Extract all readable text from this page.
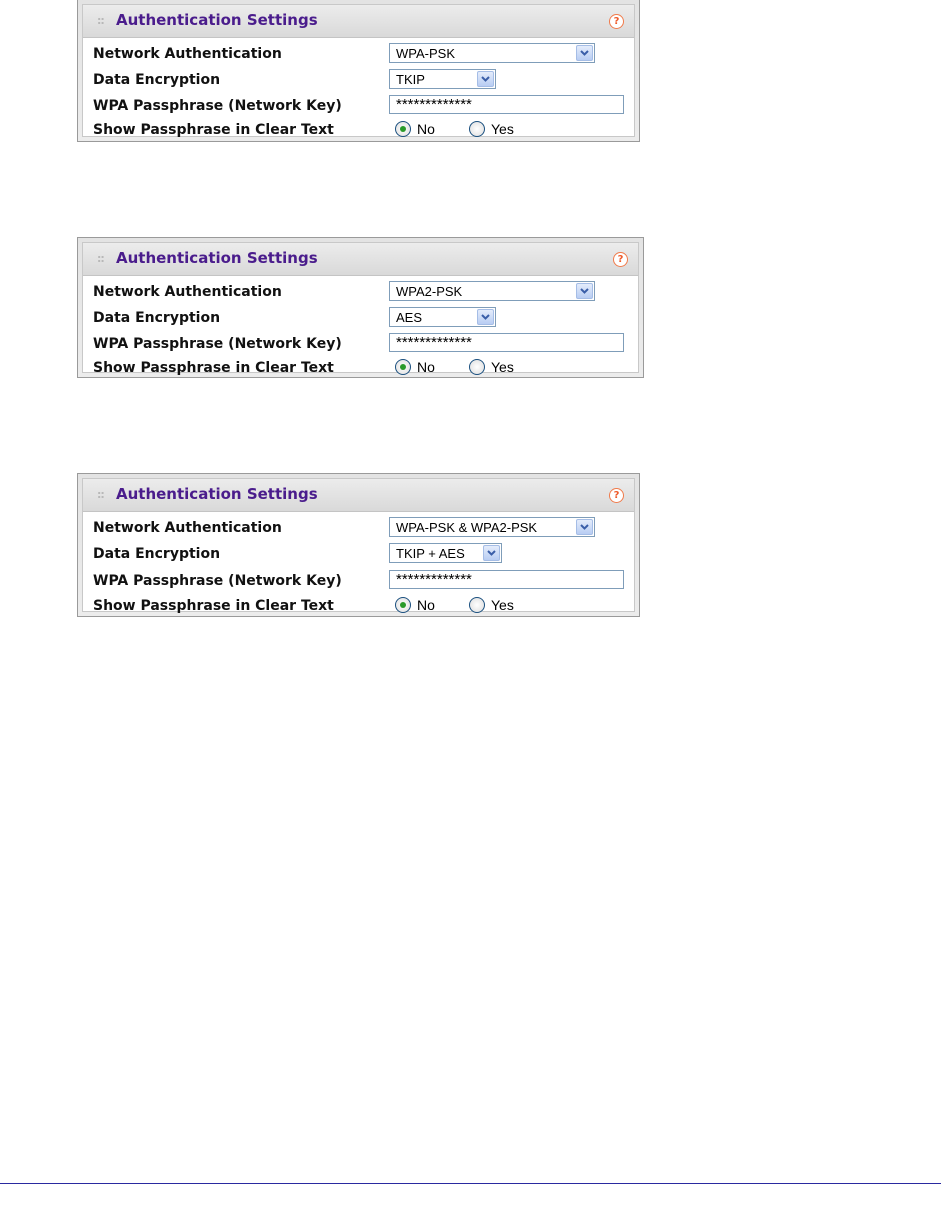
:: Authentication Settings	?
Network Authentication	WPA-PSK
Data Encryption	TKIP
WPA Passphrase (Network Key)	*************
Show Passphrase in Clear Text	No	Yes
:: Authentication Settings	?
Network Authentication	WPA2-PSK
Data Encryption	AES
WPA Passphrase (Network Key)	*************
Show Passphrase in Clear Text	No	Yes
:: Authentication Settings	?
Network Authentication	WPA-PSK & WPA2-PSK
Data Encryption	TKIP + AES
WPA Passphrase (Network Key)	*************
Show Passphrase in Clear Text	No	Yes
